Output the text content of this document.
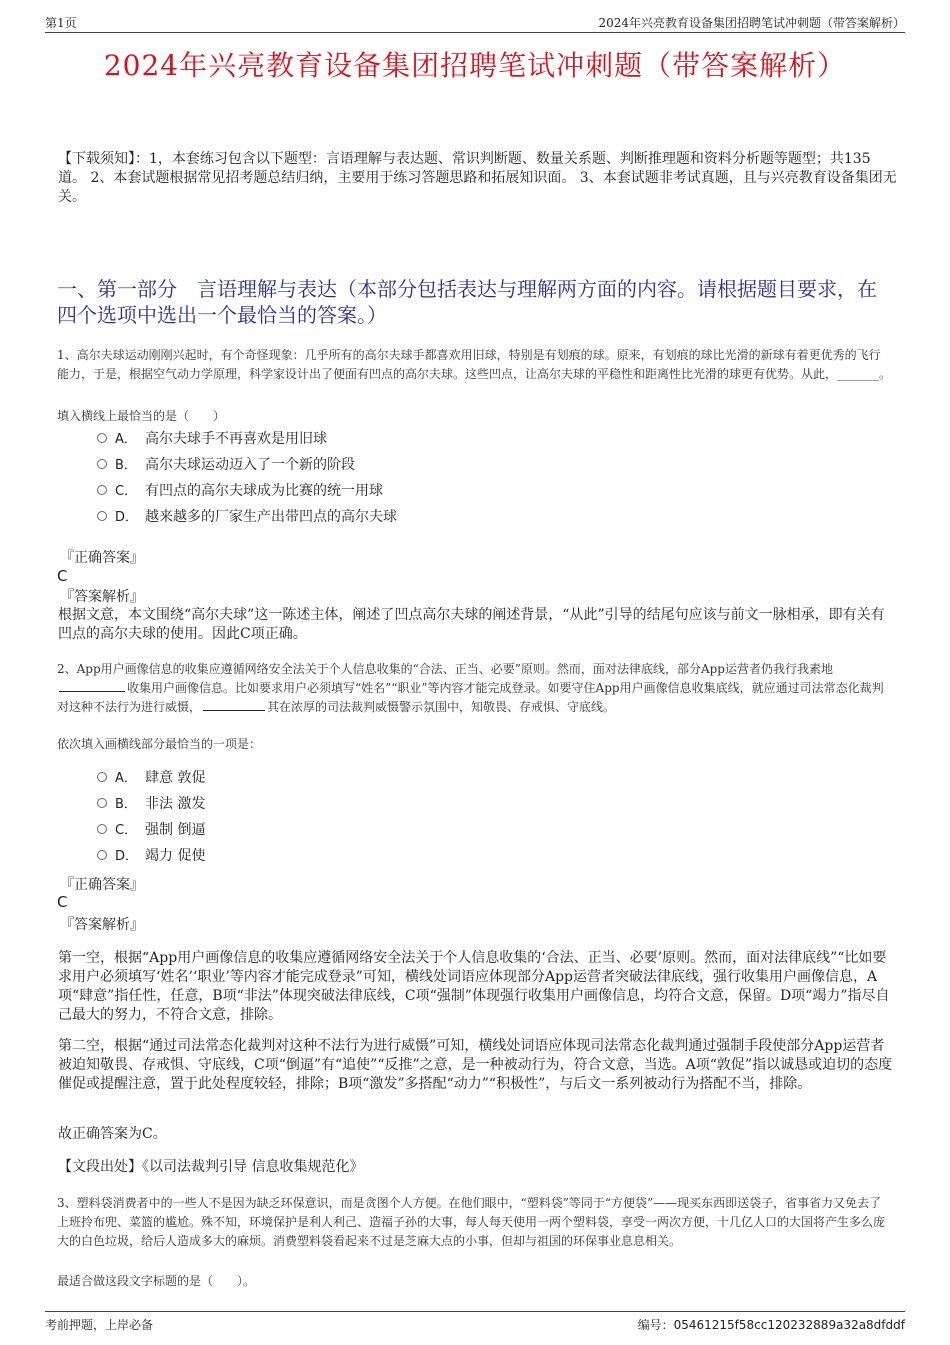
第1页	2024年兴亮教育设备集团招聘笔试冲刺题（带答案解析）
2024年兴亮教育设备集团招聘笔试冲刺题（带答案解析）
【下载须知】：1，本套练习包含以下题型：言语理解与表达题、常识判断题、数量关系题、判断推理题和资料分析题等题型；共135道。 2、本套试题根据常见招考题总结归纳，主要用于练习答题思路和拓展知识面。 3、本套试题非考试真题，且与兴亮教育设备集团无关。
一、第一部分　言语理解与表达（本部分包括表达与理解两方面的内容。请根据题目要求，在四个选项中选出一个最恰当的答案。）
1、高尔夫球运动刚刚兴起时，有个奇怪现象：几乎所有的高尔夫球手都喜欢用旧球，特别是有划痕的球。原来，有划痕的球比光滑的新球有着更优秀的飞行能力，于是，根据空气动力学原理，科学家设计出了便面有凹点的高尔夫球。这些凹点，让高尔夫球的平稳性和距离性比光滑的球更有优势。从此，_______。
填入横线上最恰当的是（　　）
A． 高尔夫球手不再喜欢是用旧球
B． 高尔夫球运动迈入了一个新的阶段
C． 有凹点的高尔夫球成为比赛的统一用球
D． 越来越多的厂家生产出带凹点的高尔夫球
『正确答案』
C
『答案解析』
根据文意，本文围绕“高尔夫球”这一陈述主体，阐述了凹点高尔夫球的阐述背景，“从此”引导的结尾句应该与前文一脉相承，即有关有凹点的高尔夫球的使用。因此C项正确。
2、App用户画像信息的收集应遵循网络安全法关于个人信息收集的“合法、正当、必要”原则。然而，面对法律底线，部分App运营者仍我行我素地收集用户画像信息。比如要求用户必须填写“姓名”“职业”等内容才能完成登录。如要守住App用户画像信息收集底线，就应通过司法常态化裁判对这种不法行为进行威慑，	其在浓厚的司法裁判威慑警示氛围中，知敬畏、存戒惧、守底线。
依次填入画横线部分最恰当的一项是：
A． 肆意 敦促
B． 非法 激发
C． 强制 倒逼
D． 竭力 促使
『正确答案』
C
『答案解析』
第一空，根据“App用户画像信息的收集应遵循网络安全法关于个人信息收集的‘合法、正当、必要’原则。然而，面对法律底线”“比如要求用户必须填写‘姓名’‘职业’等内容才能完成登录”可知，横线处词语应体现部分App运营者突破法律底线，强行收集用户画像信息，A项“肆意”指任性，任意，B项“非法”体现突破法律底线，C项“强制”体现强行收集用户画像信息，均符合文意，保留。D项“竭力”指尽自己最大的努力，不符合文意，排除。
第二空，根据“通过司法常态化裁判对这种不法行为进行威慑”可知，横线处词语应体现司法常态化裁判通过强制手段使部分App运营者被迫知敬畏、存戒惧、守底线，C项“倒逼”有“追使”“反推”之意，是一种被动行为，符合文意，当选。A项“敦促”指以诚恳或迫切的态度催促或提醒注意，置于此处程度较轻，排除；B项“激发”多搭配“动力”“积极性”，与后文一系列被动行为搭配不当，排除。
故正确答案为C。
【文段出处】《以司法裁判引导 信息收集规范化》
3、塑料袋消费者中的一些人不是因为缺乏环保意识，而是贪图个人方便。在他们眼中，“塑料袋”等同于“方便袋”——现买东西即送袋子，省事省力又免去了上班拎布兜、菜篮的尴尬。殊不知，环境保护是利人利己、造福子孙的大事，每人每天使用一两个塑料袋，享受一两次方便，十几亿人口的大国将产生多么庞大的白色垃圾，给后人造成多大的麻烦。消费塑料袋看起来不过是芝麻大点的小事，但却与祖国的环保事业息息相关。
最适合做这段文字标题的是（　　）。
考前押题，上岸必备	编号：05461215f58cc120232889a32a8dfddf
